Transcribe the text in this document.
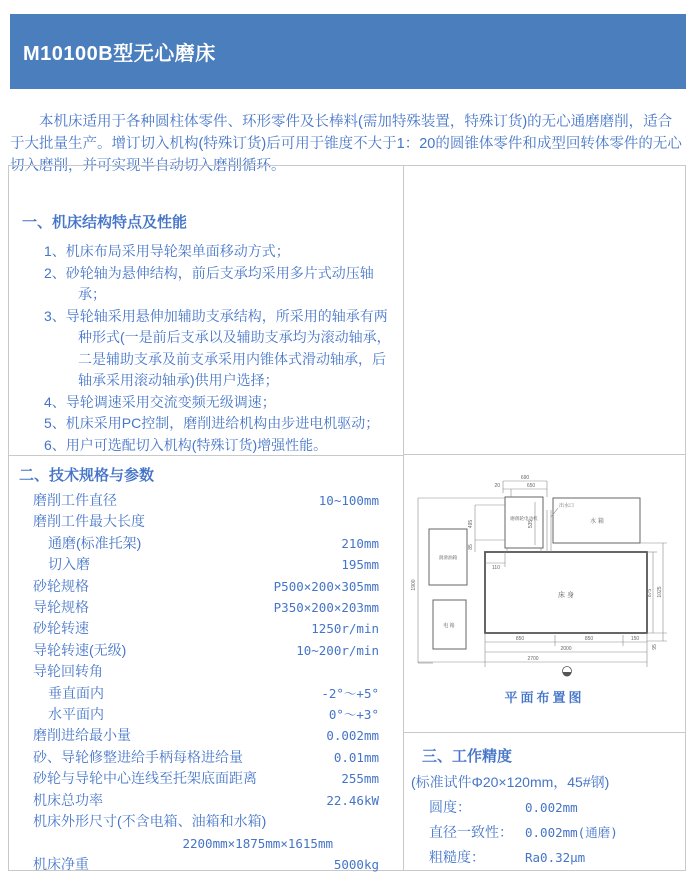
M10100B型无心磨床

本机床适用于各种圆柱体零件、环形零件及长棒料(需加特殊装置，特殊订货)的无心通磨磨削，适合于大批量生产。增订切入机构(特殊订货)后可用于锥度不大于1：20的圆锥体零件和成型回转体零件的无心切入磨削，并可实现半自动切入磨削循环。

一、机床结构特点及性能
1、机床布局采用导轮架单面移动方式；
2、砂轮轴为悬伸结构，前后支承均采用多片式动压轴承；
3、导轮轴采用悬伸加辅助支承结构，所采用的轴承有两种形式(一是前后支承以及辅助支承均为滚动轴承，二是辅助支承及前支承采用内锥体式滑动轴承，后轴承采用滚动轴承)供用户选择；
4、导轮调速采用交流变频无级调速；
5、机床采用PC控制，磨削进给机构由步进电机驱动；
6、用户可选配切入机构(特殊订货)增强性能。
二、技术规格与参数
磨削工件直径	10~100mm
磨削工件最大长度
通磨(标准托架)	210mm
切入磨	195mm
砂轮规格	P500×200×305mm
导轮规格	P350×200×203mm
砂轮转速	1250r/min
导轮转速(无级)	10~200r/min
导轮回转角
垂直面内	-2°～+5°
水平面内	0°～+3°
磨削进给最小量	0.002mm
砂、导轮修整进给手柄每格进给量	0.01mm
砂轮与导轮中心连线至托架底面距离	255mm
机床总功率	22.46kW
机床外形尺寸(不含电箱、油箱和水箱)
2200mm×1875mm×1615mm
机床净重	5000kg
床 身
水 箱
磨削轮电动机
润滑油箱
电 箱
出水口
690
650
20
1900
495
85
535
110
875 1025
95
850	850	150
2000
2700
平面布置图
三、工作精度
(标准试件Φ20×120mm，45#钢)
圆度：	0.002mm
直径一致性： 0.002mm(通磨)
粗糙度：	Ra0.32μm
